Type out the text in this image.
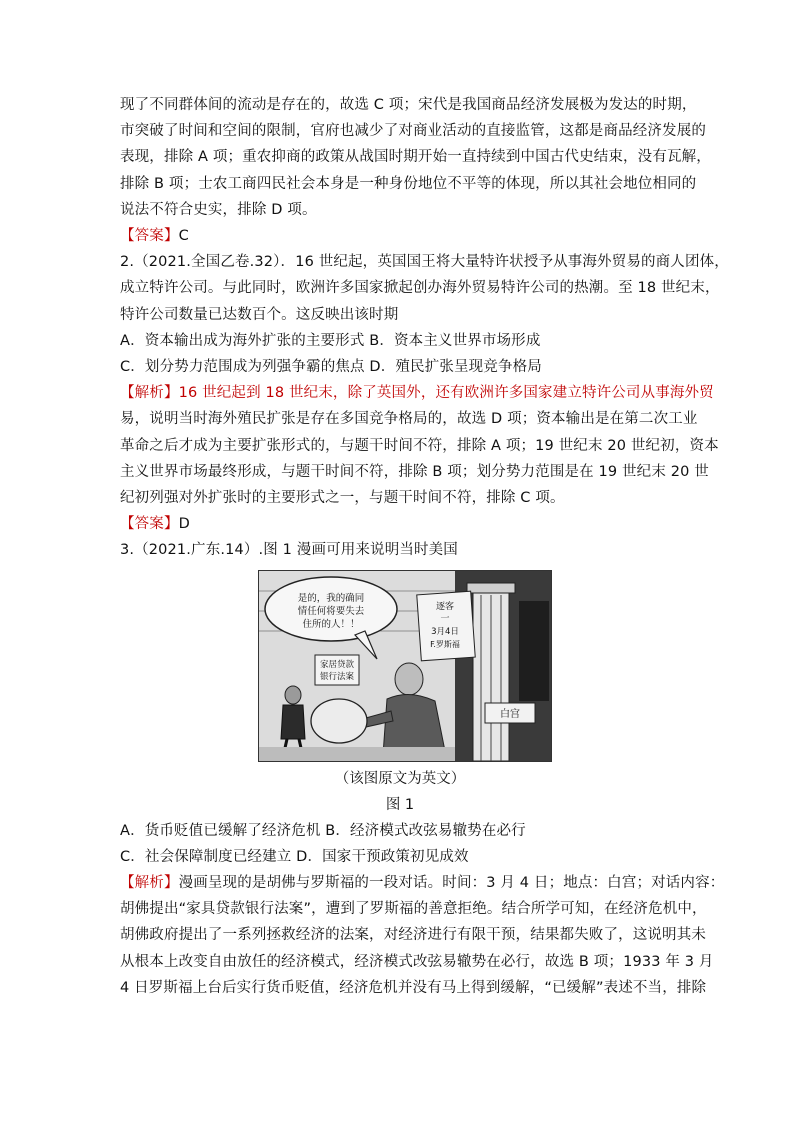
现了不同群体间的流动是存在的，故选 C 项；宋代是我国商品经济发展极为发达的时期，
市突破了时间和空间的限制，官府也减少了对商业活动的直接监管，这都是商品经济发展的
表现，排除 A 项；重农抑商的政策从战国时期开始一直持续到中国古代史结束，没有瓦解，
排除 B 项；士农工商四民社会本身是一种身份地位不平等的体现，所以其社会地位相同的
说法不符合史实，排除 D 项。
【答案】C
2.（2021.全国乙卷.32）．16 世纪起，英国国王将大量特许状授予从事海外贸易的商人团体，
成立特许公司。与此同时，欧洲许多国家掀起创办海外贸易特许公司的热潮。至 18 世纪末，
特许公司数量已达数百个。这反映出该时期
A．资本输出成为海外扩张的主要形式 B．资本主义世界市场形成
C．划分势力范围成为列强争霸的焦点 D．殖民扩张呈现竞争格局
【解析】16 世纪起到 18 世纪末，除了英国外，还有欧洲许多国家建立特许公司从事海外贸
易，说明当时海外殖民扩张是存在多国竞争格局的，故选 D 项；资本输出是在第二次工业
革命之后才成为主要扩张形式的，与题干时间不符，排除 A 项；19 世纪末 20 世纪初，资本
主义世界市场最终形成，与题干时间不符，排除 B 项；划分势力范围是在 19 世纪末 20 世
纪初列强对外扩张时的主要形式之一，与题干时间不符，排除 C 项。
【答案】D
3.（2021.广东.14）.图 1 漫画可用来说明当时美国
是的，我的确同
情任何将要失去
住所的人！！
逐客
一
3月4日
F.罗斯福
家居贷款
银行法案
白宫
（该图原文为英文）
图 1
A．货币贬值已缓解了经济危机 B．经济模式改弦易辙势在必行
C．社会保障制度已经建立 D．国家干预政策初见成效
【解析】漫画呈现的是胡佛与罗斯福的一段对话。时间：3 月 4 日；地点：白宫；对话内容：
胡佛提出“家具贷款银行法案”，遭到了罗斯福的善意拒绝。结合所学可知，在经济危机中，
胡佛政府提出了一系列拯救经济的法案，对经济进行有限干预，结果都失败了，这说明其未
从根本上改变自由放任的经济模式，经济模式改弦易辙势在必行，故选 B 项；1933 年 3 月
4 日罗斯福上台后实行货币贬值，经济危机并没有马上得到缓解，“已缓解”表述不当，排除
